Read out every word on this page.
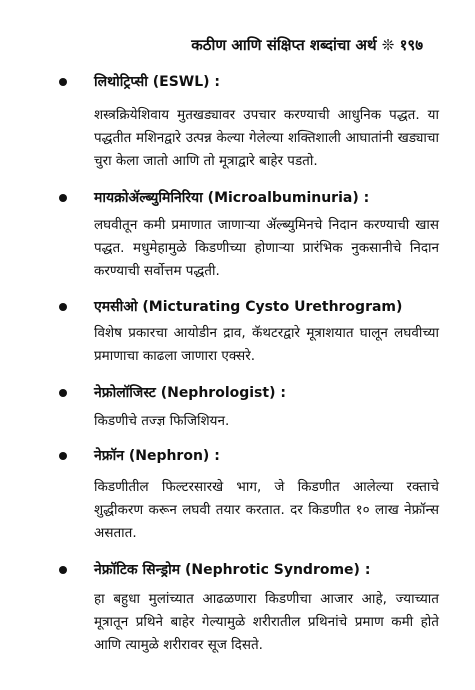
कठीण आणि संक्षिप्त शब्दांचा अर्थ ❊ १९७
लिथोट्रिप्सी (ESWL) :
शस्त्रक्रियेशिवाय मुतखड्यावर उपचार करण्याची आधुनिक पद्धत. या पद्धतीत मशिनद्वारे उत्पन्न केल्या गेलेल्या शक्तिशाली आघातांनी खड्याचा चुरा केला जातो आणि तो मूत्राद्वारे बाहेर पडतो.
मायक्रोॲल्ब्युमिनिरिया (Microalbuminuria) :
लघवीतून कमी प्रमाणात जाणाऱ्या ॲल्ब्युमिनचे निदान करण्याची खास पद्धत. मधुमेहामुळे किडणीच्या होणाऱ्या प्रारंभिक नुकसानीचे निदान करण्याची सर्वोत्तम पद्धती.
एमसीओ (Micturating Cysto Urethrogram)
विशेष प्रकारचा आयोडीन द्राव, कॅथटरद्वारे मूत्राशयात घालून लघवीच्या प्रमाणाचा काढला जाणारा एक्सरे.
नेफ्रोलॉजिस्ट (Nephrologist) :
किडणीचे तज्ज्ञ फिजिशियन.
नेफ्रॉन (Nephron) :
किडणीतील फिल्टरसारखे भाग, जे किडणीत आलेल्या रक्ताचे शुद्धीकरण करून लघवी तयार करतात. दर किडणीत १० लाख नेफ्रॉन्स असतात.
नेफ्रॉटिक सिन्ड्रोम (Nephrotic Syndrome) :
हा बहुधा मुलांच्यात आढळणारा किडणीचा आजार आहे, ज्याच्यात मूत्रातून प्रथिने बाहेर गेल्यामुळे शरीरातील प्रथिनांचे प्रमाण कमी होते आणि त्यामुळे शरीरावर सूज दिसते.
